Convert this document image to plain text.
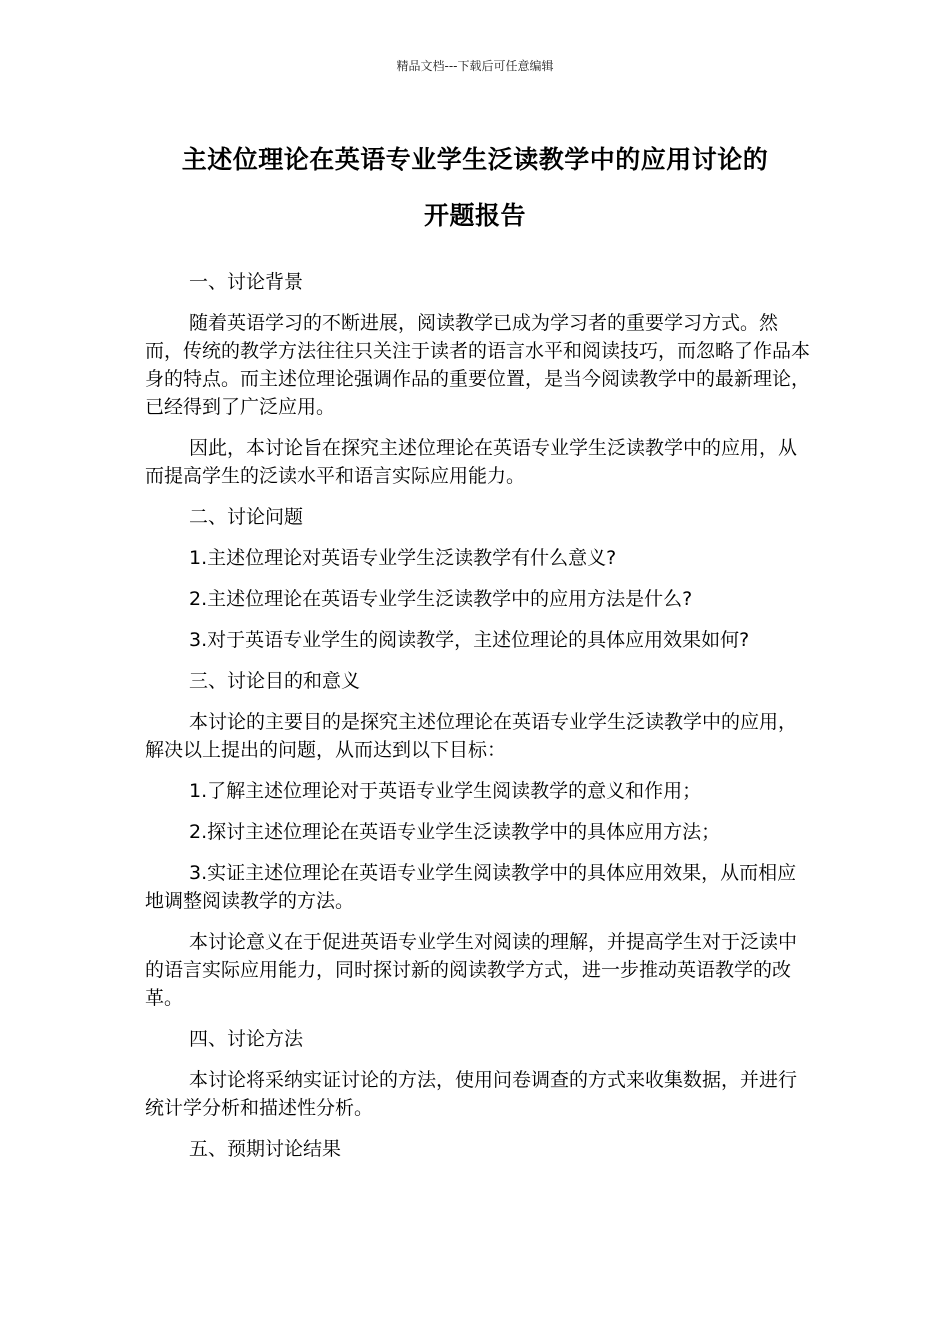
精品文档---下载后可任意编辑
主述位理论在英语专业学生泛读教学中的应用讨论的
开题报告

一、讨论背景

随着英语学习的不断进展，阅读教学已成为学习者的重要学习方式。然而，传统的教学方法往往只关注于读者的语言水平和阅读技巧，而忽略了作品本身的特点。而主述位理论强调作品的重要位置，是当今阅读教学中的最新理论，已经得到了广泛应用。

因此，本讨论旨在探究主述位理论在英语专业学生泛读教学中的应用，从而提高学生的泛读水平和语言实际应用能力。

二、讨论问题

1.主述位理论对英语专业学生泛读教学有什么意义?

2.主述位理论在英语专业学生泛读教学中的应用方法是什么?

3.对于英语专业学生的阅读教学，主述位理论的具体应用效果如何?

三、讨论目的和意义

本讨论的主要目的是探究主述位理论在英语专业学生泛读教学中的应用，解决以上提出的问题，从而达到以下目标：

1.了解主述位理论对于英语专业学生阅读教学的意义和作用；

2.探讨主述位理论在英语专业学生泛读教学中的具体应用方法；

3.实证主述位理论在英语专业学生阅读教学中的具体应用效果，从而相应地调整阅读教学的方法。

本讨论意义在于促进英语专业学生对阅读的理解，并提高学生对于泛读中的语言实际应用能力，同时探讨新的阅读教学方式，进一步推动英语教学的改革。

四、讨论方法

本讨论将采纳实证讨论的方法，使用问卷调查的方式来收集数据，并进行统计学分析和描述性分析。

五、预期讨论结果
